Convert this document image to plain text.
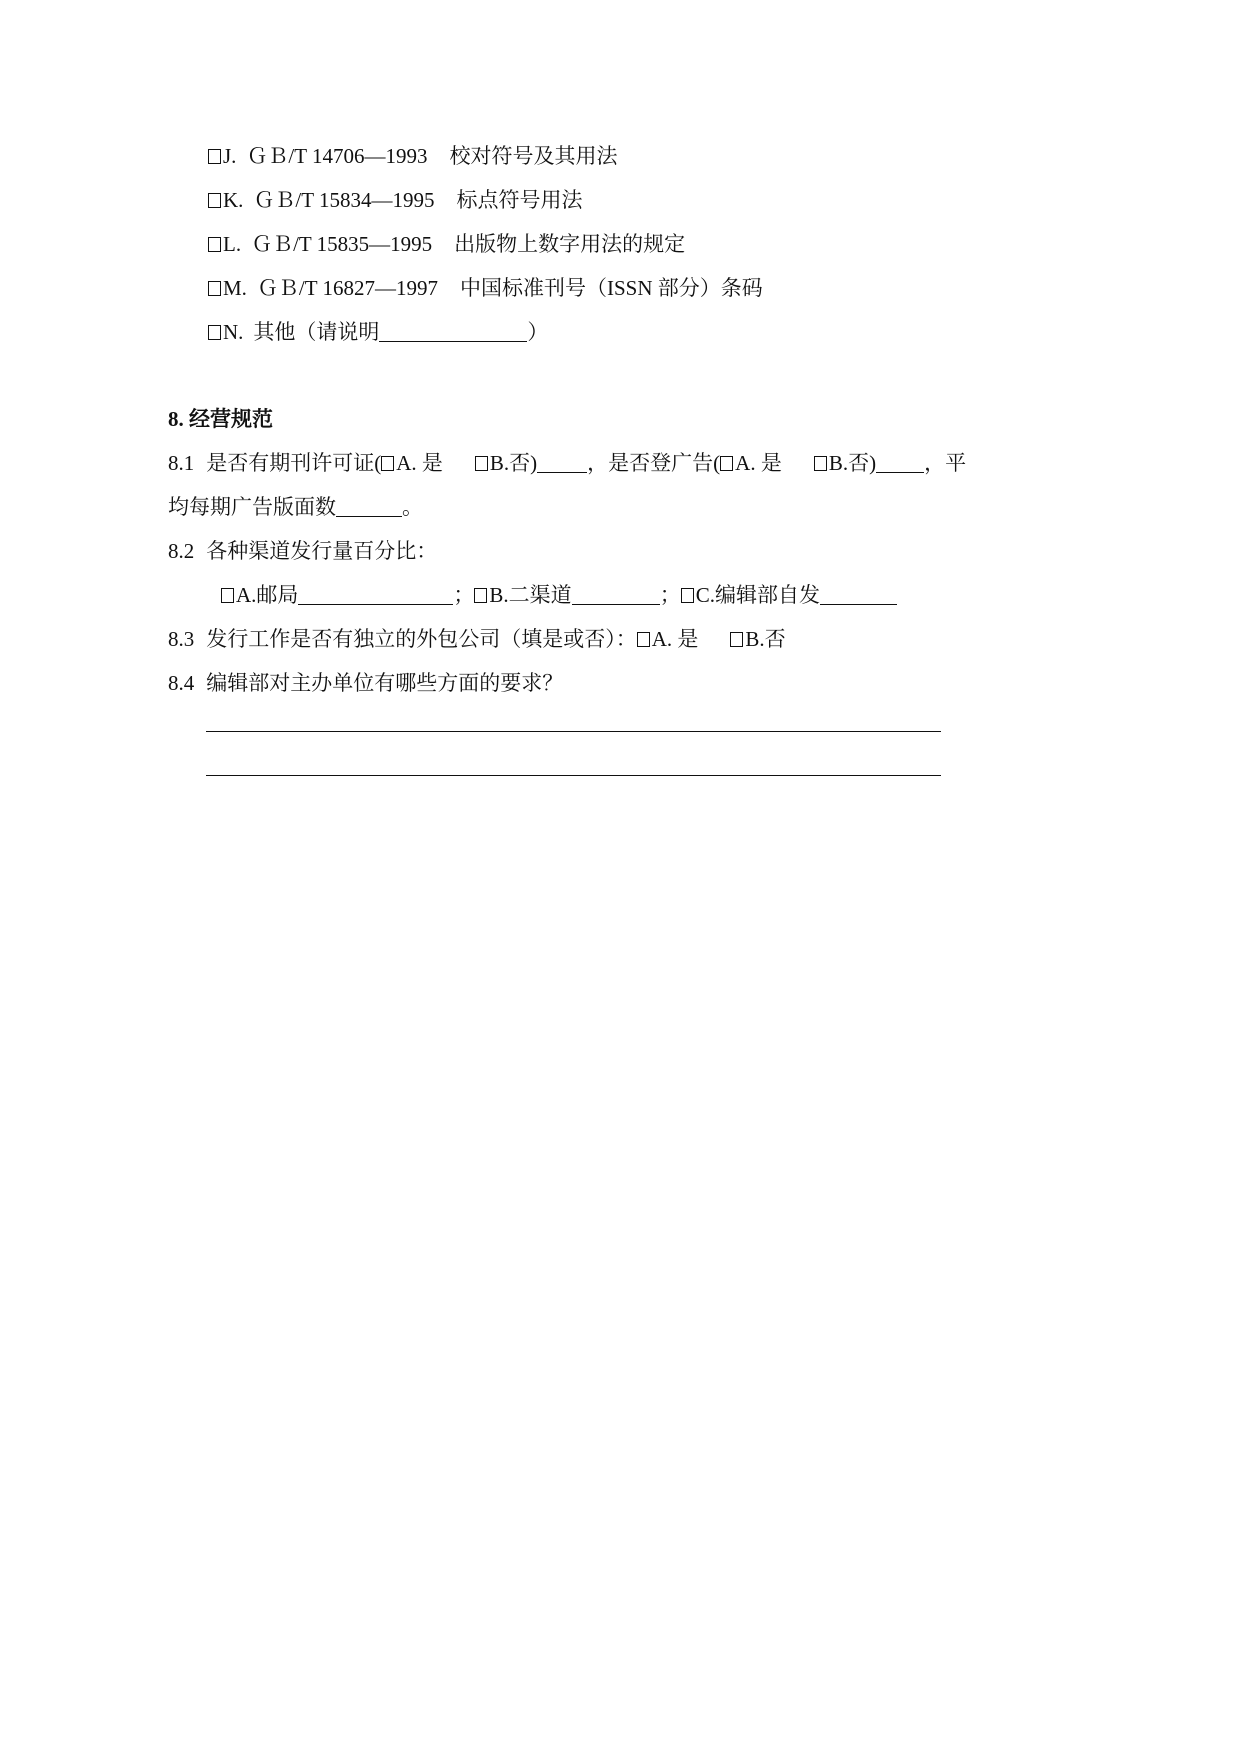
J. ＧＢ/T 14706—1993 校对符号及其用法
K. ＧＢ/T 15834—1995 标点符号用法
L. ＧＢ/T 15835—1995 出版物上数字用法的规定
M. ＧＢ/T 16827—1997 中国标准刊号（ISSN 部分）条码
N. 其他（请说明	）
8. 经营规范
8.1 是否有期刊许可证( A. 是 B.否) ，是否登广告( A. 是 B.否) ，平
均每期广告版面数	。
8.2 各种渠道发行量百分比：
A.邮局	； B.二渠道	； C.编辑部自发
8.3 发行工作是否有独立的外包公司（填是或否）： A. 是 B.否
8.4 编辑部对主办单位有哪些方面的要求？
